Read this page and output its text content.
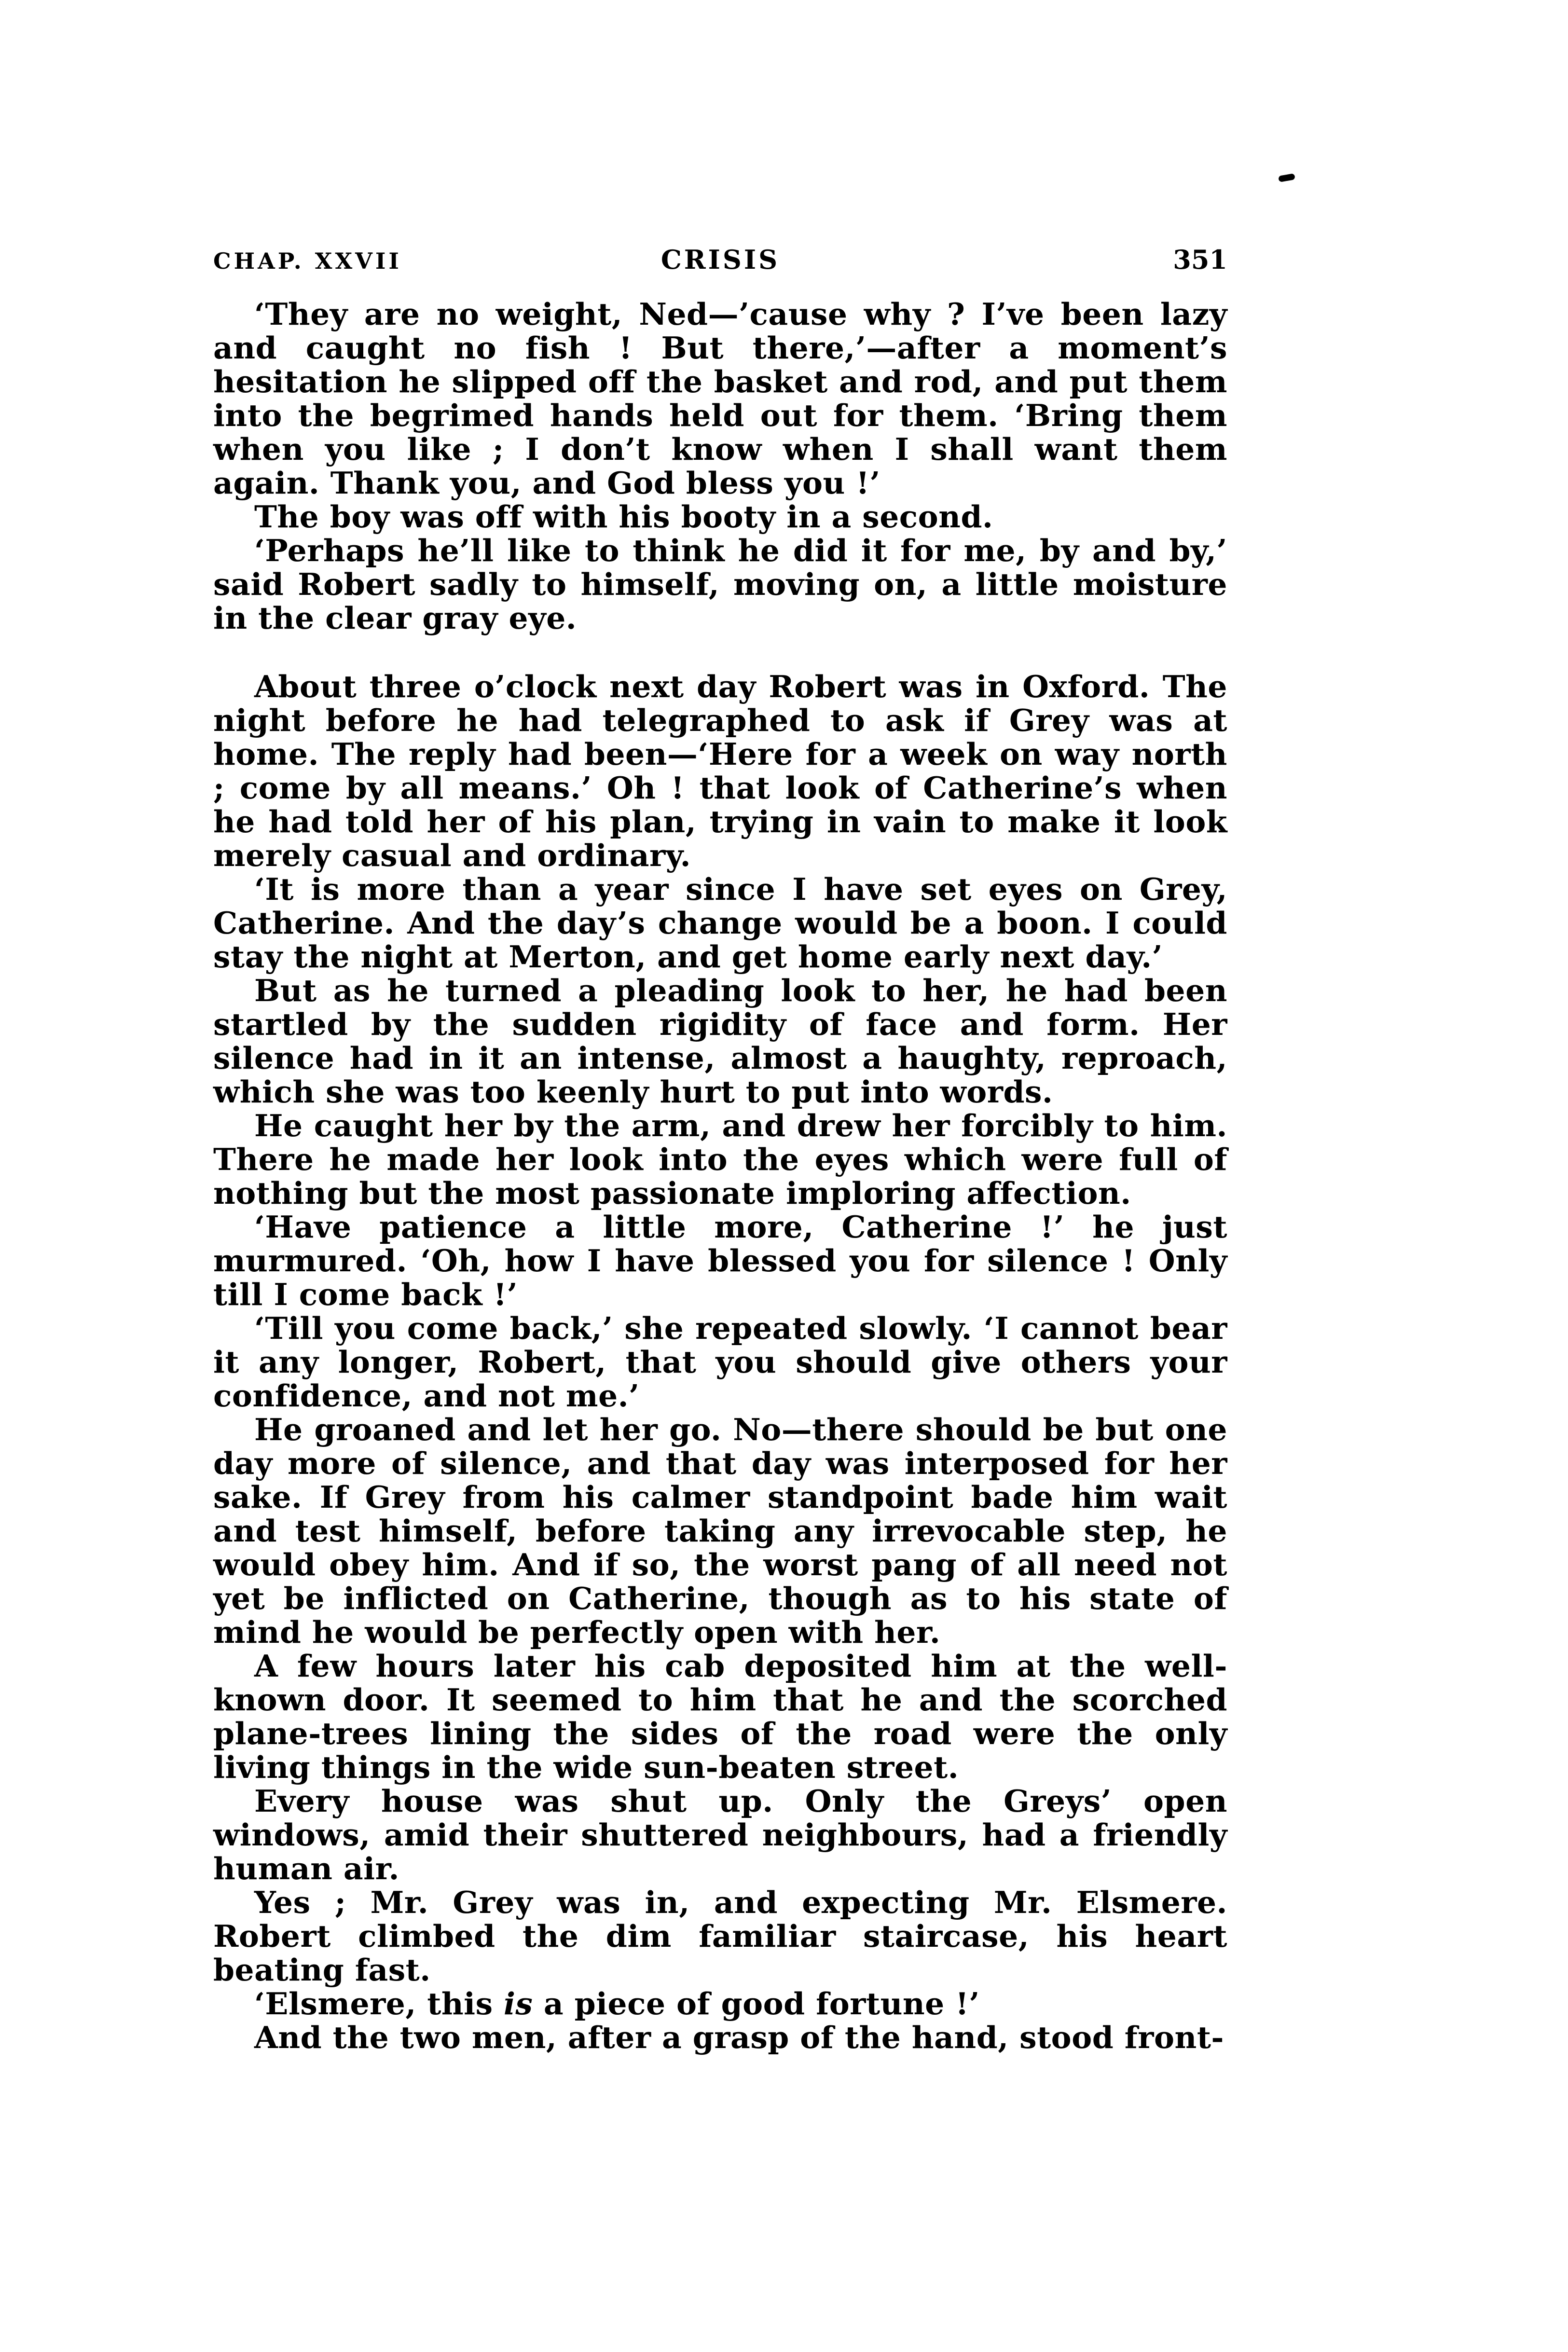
CHAP. XXVII	CRISIS	351

‘They are no weight, Ned—’cause why ? I’ve been lazy and caught no fish ! But there,’—after a moment’s hesitation he slipped off the basket and rod, and put them into the begrimed hands held out for them. ‘Bring them when you like ; I don’t know when I shall want them again. Thank you, and God bless you !’

The boy was off with his booty in a second.

‘Perhaps he’ll like to think he did it for me, by and by,’ said Robert sadly to himself, moving on, a little moisture in the clear gray eye.

About three o’clock next day Robert was in Oxford. The night before he had telegraphed to ask if Grey was at home. The reply had been—‘Here for a week on way north ; come by all means.’ Oh ! that look of Catherine’s when he had told her of his plan, trying in vain to make it look merely casual and ordinary.

‘It is more than a year since I have set eyes on Grey, Catherine. And the day’s change would be a boon. I could stay the night at Merton, and get home early next day.’

But as he turned a pleading look to her, he had been startled by the sudden rigidity of face and form. Her silence had in it an intense, almost a haughty, reproach, which she was too keenly hurt to put into words.

He caught her by the arm, and drew her forcibly to him. There he made her look into the eyes which were full of nothing but the most passionate imploring affection.

‘Have patience a little more, Catherine !’ he just murmured. ‘Oh, how I have blessed you for silence ! Only till I come back !’

‘Till you come back,’ she repeated slowly. ‘I cannot bear it any longer, Robert, that you should give others your confidence, and not me.’

He groaned and let her go. No—there should be but one day more of silence, and that day was interposed for her sake. If Grey from his calmer standpoint bade him wait and test himself, before taking any irrevocable step, he would obey him. And if so, the worst pang of all need not yet be inflicted on Catherine, though as to his state of mind he would be perfectly open with her.

A few hours later his cab deposited him at the well-known door. It seemed to him that he and the scorched plane-trees lining the sides of the road were the only living things in the wide sun-beaten street.

Every house was shut up. Only the Greys’ open windows, amid their shuttered neighbours, had a friendly human air.

Yes ; Mr. Grey was in, and expecting Mr. Elsmere. Robert climbed the dim familiar staircase, his heart beating fast.

‘Elsmere, this is a piece of good fortune !’

And the two men, after a grasp of the hand, stood front-
